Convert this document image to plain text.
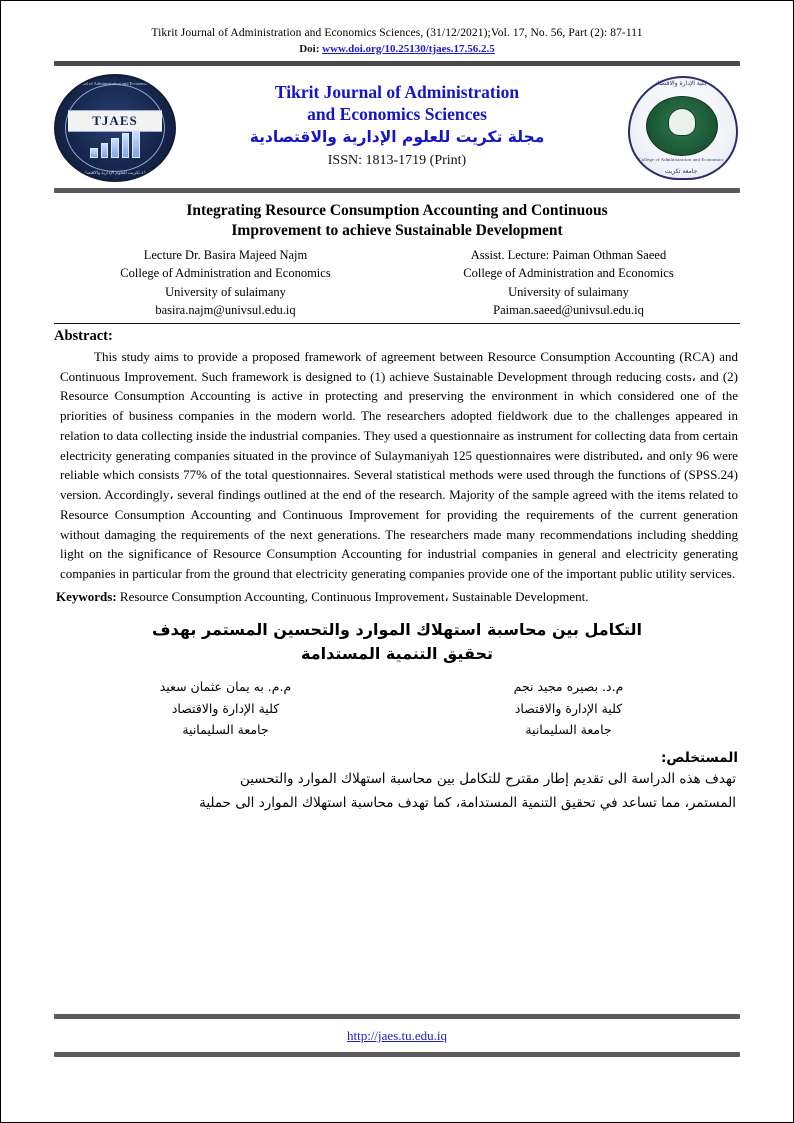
Tikrit Journal of Administration and Economics Sciences, (31/12/2021);Vol. 17, No. 56, Part (2): 87-111
Doi: www.doi.org/10.25130/tjaes.17.56.2.5
Tikrit Journal of Administration and Economics Sciences
مجلة تكريت للعلوم الإدارية والاقتصادية
TJAES
Tikrit Journal of Administration
and Economics Sciences
مجلة تكريت للعلوم الإدارية والاقتصادية
ISSN: 1813-1719 (Print)
كلية الإدارة والاقتصاد
College of Administration and Economics
جامعة تكريت
Integrating Resource Consumption Accounting and Continuous
Improvement to achieve Sustainable Development
Lecture Dr. Basira Majeed Najm
College of Administration and Economics
University of sulaimany
basira.najm@univsul.edu.iq
Assist. Lecture: Paiman Othman Saeed
College of Administration and Economics
University of sulaimany
Paiman.saeed@univsul.edu.iq
Abstract:
This study aims to provide a proposed framework of agreement between Resource Consumption Accounting (RCA) and Continuous Improvement. Such framework is designed to (1) achieve Sustainable Development through reducing costs، and (2) Resource Consumption Accounting is active in protecting and preserving the environment in which considered one of the priorities of business companies in the modern world. The researchers adopted fieldwork due to the challenges appeared in relation to data collecting inside the industrial companies. They used a questionnaire as instrument for collecting data from certain electricity generating companies situated in the province of Sulaymaniyah 125 questionnaires were distributed، and only 96 were reliable which consists 77% of the total questionnaires. Several statistical methods were used through the functions of (SPSS.24) version. Accordingly، several findings outlined at the end of the research. Majority of the sample agreed with the items related to Resource Consumption Accounting and Continuous Improvement for providing the requirements of the current generation without damaging the requirements of the next generations. The researchers made many recommendations including shedding light on the significance of Resource Consumption Accounting for industrial companies in general and electricity generating companies in particular from the ground that electricity generating companies provide one of the important public utility services.
Keywords: Resource Consumption Accounting, Continuous Improvement، Sustainable Development.
التكامل بين محاسبة استهلاك الموارد والتحسين المستمر بهدف
تحقيق التنمية المستدامة
م.د. بصيره مجيد نجم
كلية الإدارة والاقتصاد
جامعة السليمانية
م.م. به يمان عثمان سعيد
كلية الإدارة والاقتصاد
جامعة السليمانية
المستخلص:
تهدف هذه الدراسة الى تقديم إطار مقترح للتكامل بين محاسبة استهلاك الموارد والتحسين
المستمر، مما تساعد في تحقيق التنمية المستدامة، كما تهدف محاسبة استهلاك الموارد الى حملية
http://jaes.tu.edu.iq
